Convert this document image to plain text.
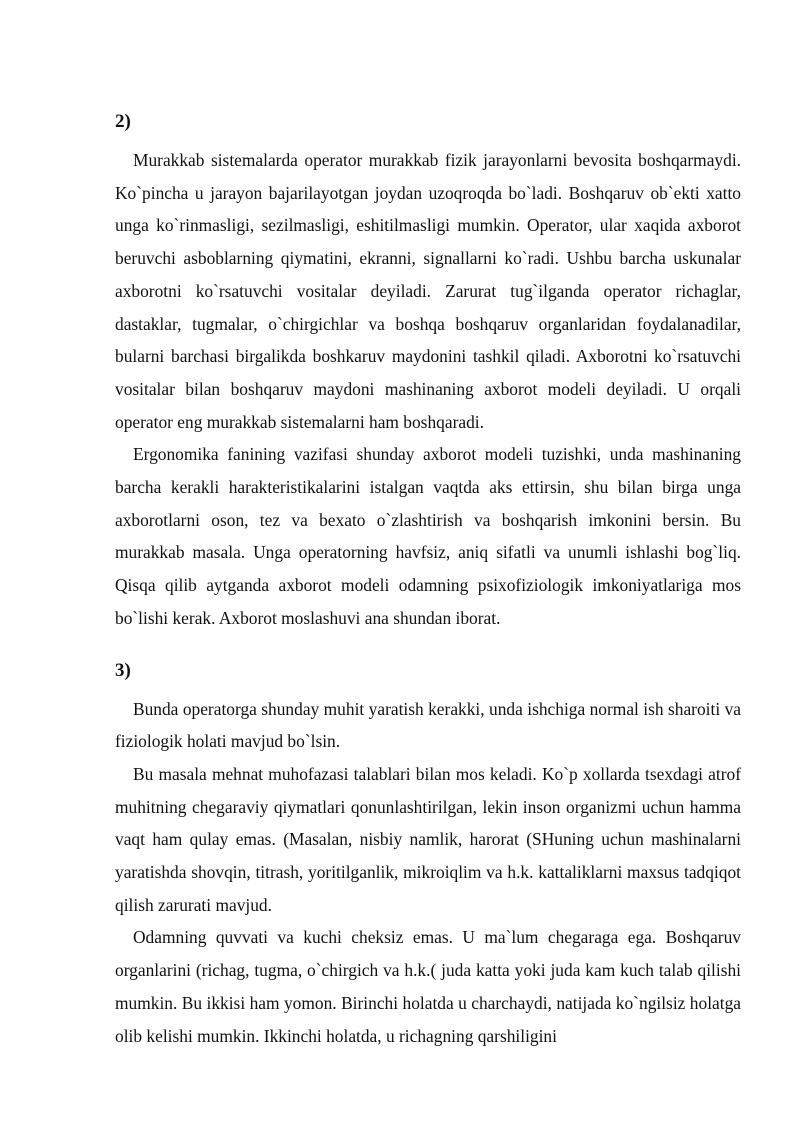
2)

Murakkab sistemalarda operator murakkab fizik jarayonlarni bevosita boshqarmaydi. Ko`pincha u jarayon bajarilayotgan joydan uzoqroqda bo`ladi. Boshqaruv ob`ekti xatto unga ko`rinmasligi, sezilmasligi, eshitilmasligi mumkin. Operator, ular xaqida axborot beruvchi asboblarning qiymatini, ekranni, signallarni ko`radi. Ushbu barcha uskunalar axborotni ko`rsatuvchi vositalar deyiladi. Zarurat tug`ilganda operator richaglar, dastaklar, tugmalar, o`chirgichlar va boshqa boshqaruv organlaridan foydalanadilar, bularni barchasi birgalikda boshkaruv maydonini tashkil qiladi. Axborotni ko`rsatuvchi vositalar bilan boshqaruv maydoni mashinaning axborot modeli deyiladi. U orqali operator eng murakkab sistemalarni ham boshqaradi.

Ergonomika fanining vazifasi shunday axborot modeli tuzishki, unda mashinaning barcha kerakli harakteristikalarini istalgan vaqtda aks ettirsin, shu bilan birga unga axborotlarni oson, tez va bexato o`zlashtirish va boshqarish imkonini bersin. Bu murakkab masala. Unga operatorning havfsiz, aniq sifatli va unumli ishlashi bog`liq. Qisqa qilib aytganda axborot modeli odamning psixofiziologik imkoniyatlariga mos bo`lishi kerak. Axborot moslashuvi ana shundan iborat.

3)

Bunda operatorga shunday muhit yaratish kerakki, unda ishchiga normal ish sharoiti va fiziologik holati mavjud bo`lsin.

Bu masala mehnat muhofazasi talablari bilan mos keladi. Ko`p xollarda tsexdagi atrof muhitning chegaraviy qiymatlari qonunlashtirilgan, lekin inson organizmi uchun hamma vaqt ham qulay emas. (Masalan, nisbiy namlik, harorat (SHuning uchun mashinalarni yaratishda shovqin, titrash, yoritilganlik, mikroiqlim va h.k. kattaliklarni maxsus tadqiqot qilish zarurati mavjud.

Odamning quvvati va kuchi cheksiz emas. U ma`lum chegaraga ega. Boshqaruv organlarini (richag, tugma, o`chirgich va h.k.( juda katta yoki juda kam kuch talab qilishi mumkin. Bu ikkisi ham yomon. Birinchi holatda u charchaydi, natijada ko`ngilsiz holatga olib kelishi mumkin. Ikkinchi holatda, u richagning qarshiligini
